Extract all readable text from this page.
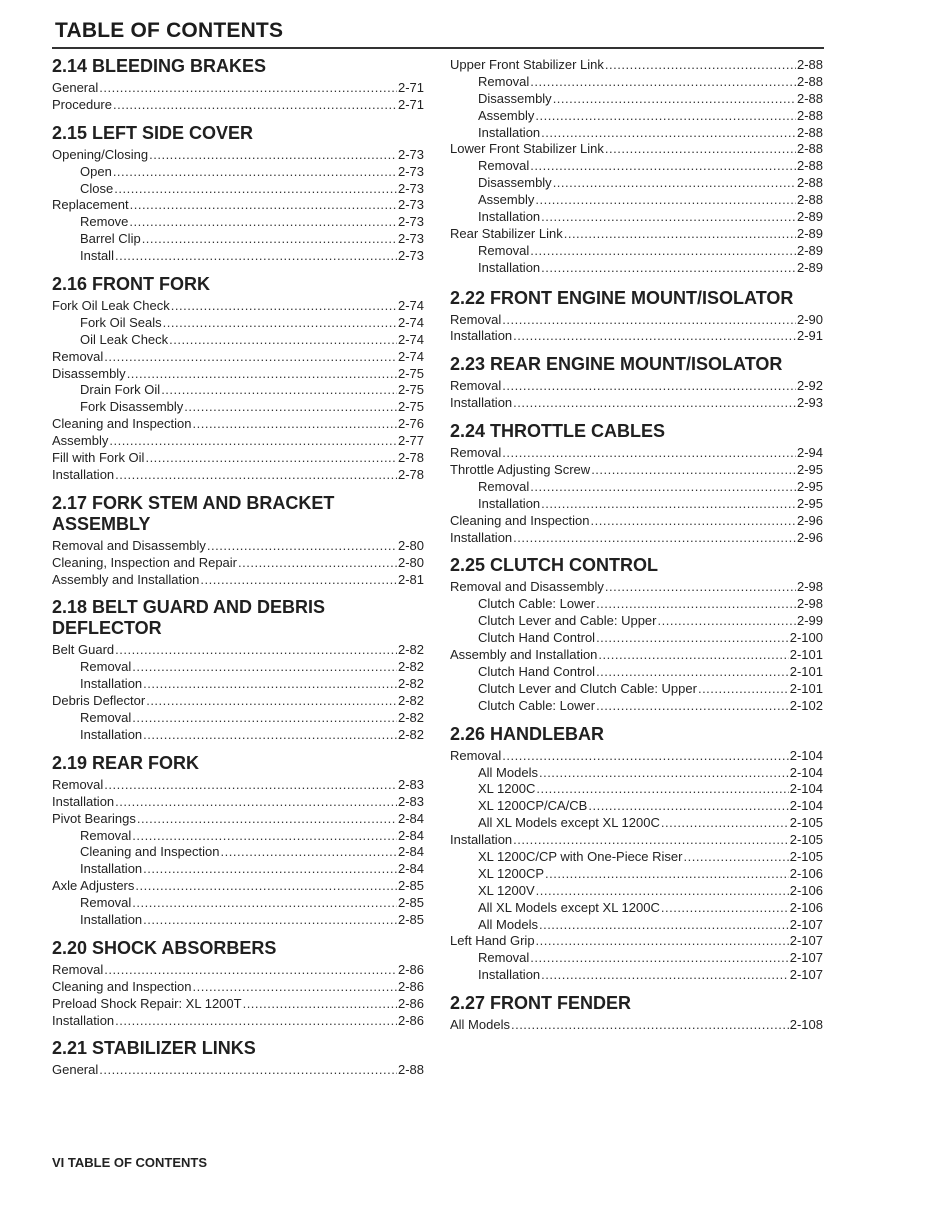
TABLE OF CONTENTS
2.14 BLEEDING BRAKES
General .....	2-71
Procedure .....	2-71
2.15 LEFT SIDE COVER
Opening/Closing .....	2-73
Open .....	2-73
Close .....	2-73
Replacement .....	2-73
Remove .....	2-73
Barrel Clip .....	2-73
Install .....	2-73
2.16 FRONT FORK
Fork Oil Leak Check .....	2-74
Fork Oil Seals .....	2-74
Oil Leak Check .....	2-74
Removal .....	2-74
Disassembly .....	2-75
Drain Fork Oil .....	2-75
Fork Disassembly .....	2-75
Cleaning and Inspection .....	2-76
Assembly .....	2-77
Fill with Fork Oil .....	2-78
Installation .....	2-78
2.17 FORK STEM AND BRACKET ASSEMBLY
Removal and Disassembly .....	2-80
Cleaning, Inspection and Repair .....	2-80
Assembly and Installation .....	2-81
2.18 BELT GUARD AND DEBRIS DEFLECTOR
Belt Guard .....	2-82
Removal .....	2-82
Installation .....	2-82
Debris Deflector .....	2-82
Removal .....	2-82
Installation .....	2-82
2.19 REAR FORK
Removal .....	2-83
Installation .....	2-83
Pivot Bearings .....	2-84
Removal .....	2-84
Cleaning and Inspection .....	2-84
Installation .....	2-84
Axle Adjusters .....	2-85
Removal .....	2-85
Installation .....	2-85
2.20 SHOCK ABSORBERS
Removal .....	2-86
Cleaning and Inspection .....	2-86
Preload Shock Repair: XL 1200T .....	2-86
Installation .....	2-86
2.21 STABILIZER LINKS
General .....	2-88
Upper Front Stabilizer Link .....	2-88
Removal .....	2-88
Disassembly .....	2-88
Assembly .....	2-88
Installation .....	2-88
Lower Front Stabilizer Link .....	2-88
Removal .....	2-88
Disassembly .....	2-88
Assembly .....	2-88
Installation .....	2-89
Rear Stabilizer Link .....	2-89
Removal .....	2-89
Installation .....	2-89
2.22 FRONT ENGINE MOUNT/ISOLATOR
Removal .....	2-90
Installation .....	2-91
2.23 REAR ENGINE MOUNT/ISOLATOR
Removal .....	2-92
Installation .....	2-93
2.24 THROTTLE CABLES
Removal .....	2-94
Throttle Adjusting Screw .....	2-95
Removal .....	2-95
Installation .....	2-95
Cleaning and Inspection .....	2-96
Installation .....	2-96
2.25 CLUTCH CONTROL
Removal and Disassembly .....	2-98
Clutch Cable: Lower .....	2-98
Clutch Lever and Cable: Upper .....	2-99
Clutch Hand Control .....	2-100
Assembly and Installation .....	2-101
Clutch Hand Control .....	2-101
Clutch Lever and Clutch Cable: Upper .....	2-101
Clutch Cable: Lower .....	2-102
2.26 HANDLEBAR
Removal .....	2-104
All Models .....	2-104
XL 1200C .....	2-104
XL 1200CP/CA/CB .....	2-104
All XL Models except XL 1200C .....	2-105
Installation .....	2-105
XL 1200C/CP with One-Piece Riser .....	2-105
XL 1200CP .....	2-106
XL 1200V .....	2-106
All XL Models except XL 1200C .....	2-106
All Models .....	2-107
Left Hand Grip .....	2-107
Removal .....	2-107
Installation .....	2-107
2.27 FRONT FENDER
All Models .....	2-108
VI TABLE OF CONTENTS
